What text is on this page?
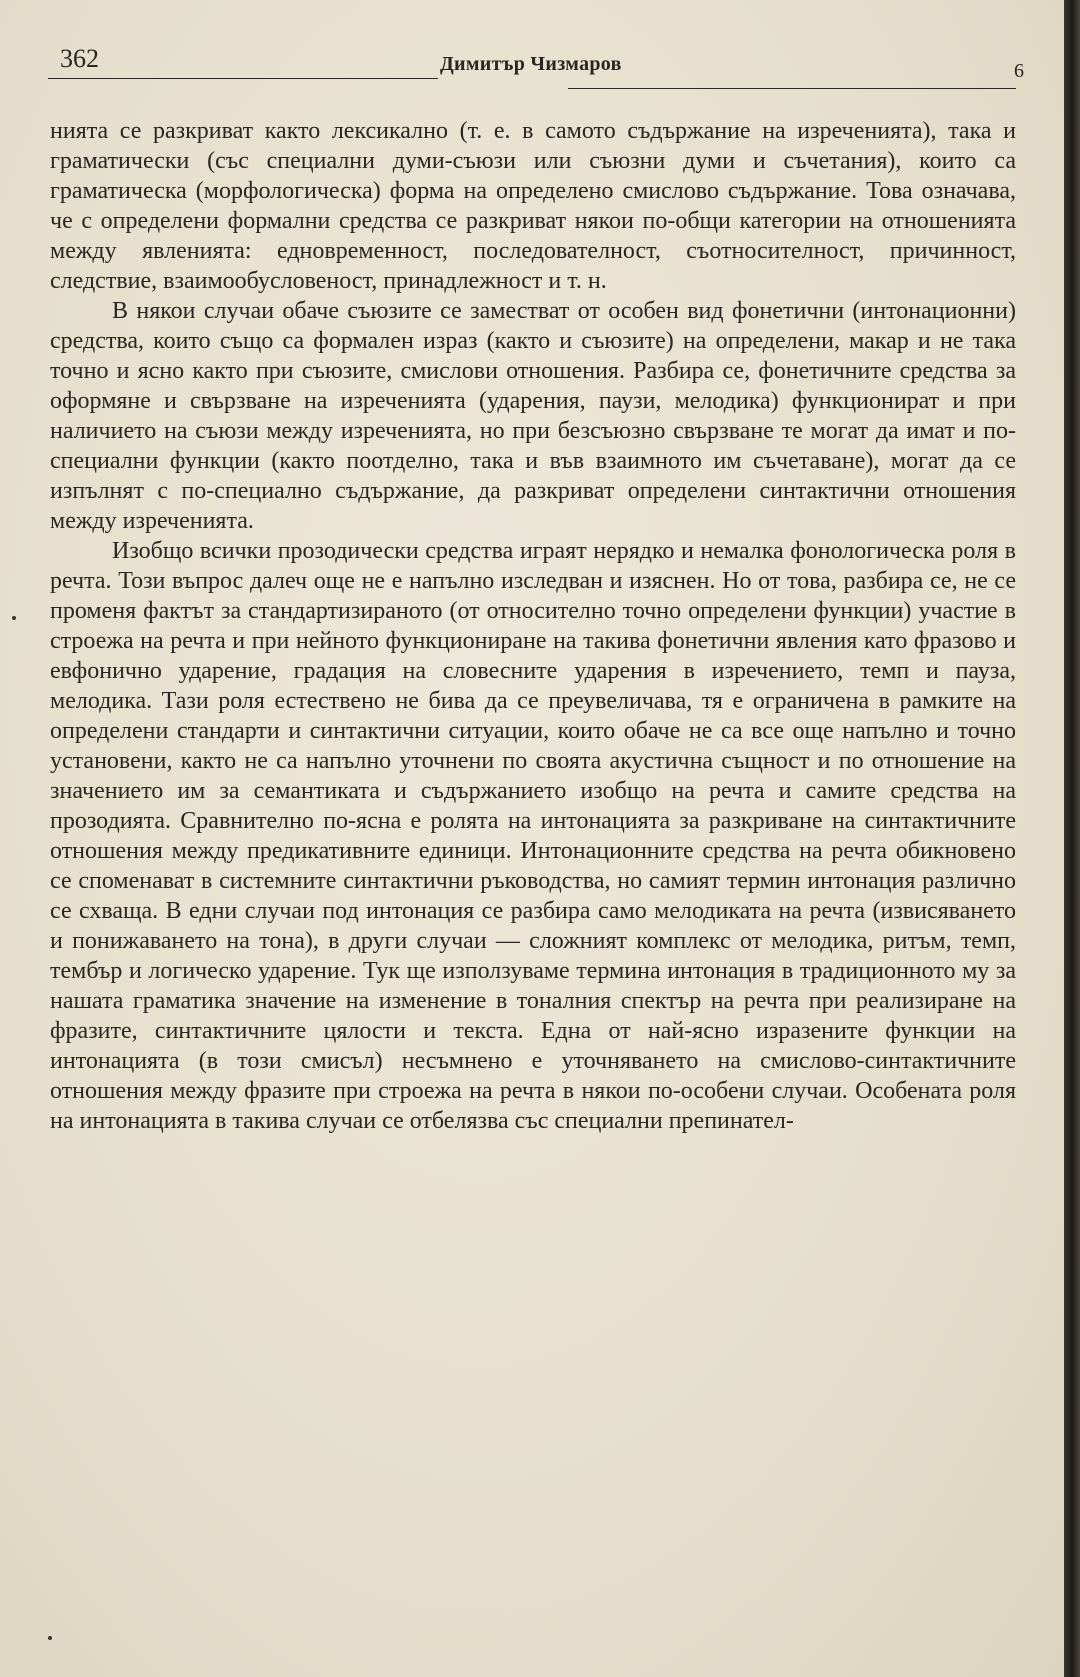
362	Димитър Чизмаров	6

нията се разкриват както лексикално (т. е. в самото съдържание на изреченията), така и граматически (със специални думи-съюзи или съюзни думи и съчетания), които са граматическа (морфологическа) форма на определено смислово съдържание. Това означава, че с определени формални средства се разкриват някои по-общи категории на отношенията между явленията: едновременност, последователност, съотносителност, причинност, следствие, взаимообусловеност, принадлежност и т. н.

В някои случаи обаче съюзите се заместват от особен вид фонетични (интонационни) средства, които също са формален израз (както и съюзите) на определени, макар и не така точно и ясно както при съюзите, смислови отношения. Разбира се, фонетичните средства за оформяне и свързване на изреченията (ударения, паузи, мелодика) функционират и при наличието на съюзи между изреченията, но при безсъюзно свързване те могат да имат и по-специални функции (както поотделно, така и във взаимното им съчетаване), могат да се изпълнят с по-специално съдържание, да разкриват определени синтактични отношения между изреченията.

Изобщо всички прозодически средства играят нерядко и немалка фонологическа роля в речта. Този въпрос далеч още не е напълно изследван и изяснен. Но от това, разбира се, не се променя фактът за стандартизираното (от относително точно определени функции) участие в строежа на речта и при нейното функциониране на такива фонетични явления като фразово и евфонично ударение, градация на словесните ударения в изречението, темп и пауза, мелодика. Тази роля естествено не бива да се преувеличава, тя е ограничена в рамките на определени стандарти и синтактични ситуации, които обаче не са все още напълно и точно установени, както не са напълно уточнени по своята акустична същност и по отношение на значението им за семантиката и съдържанието изобщо на речта и самите средства на прозодията. Сравнително по-ясна е ролята на интонацията за разкриване на синтактичните отношения между предикативните единици. Интонационните средства на речта обикновено се споменават в системните синтактични ръководства, но самият термин интонация различно се схваща. В едни случаи под интонация се разбира само мелодиката на речта (извисяването и понижаването на тона), в други случаи — сложният комплекс от мелодика, ритъм, темп, тембър и логическо ударение. Тук ще използуваме термина интонация в традиционното му за нашата граматика значение на изменение в тоналния спектър на речта при реализиране на фразите, синтактичните цялости и текста. Една от най-ясно изразените функции на интонацията (в този смисъл) несъмнено е уточняването на смислово-синтактичните отношения между фразите при строежа на речта в някои по-особени случаи. Особената роля на интонацията в такива случаи се отбелязва със специални препинател-
